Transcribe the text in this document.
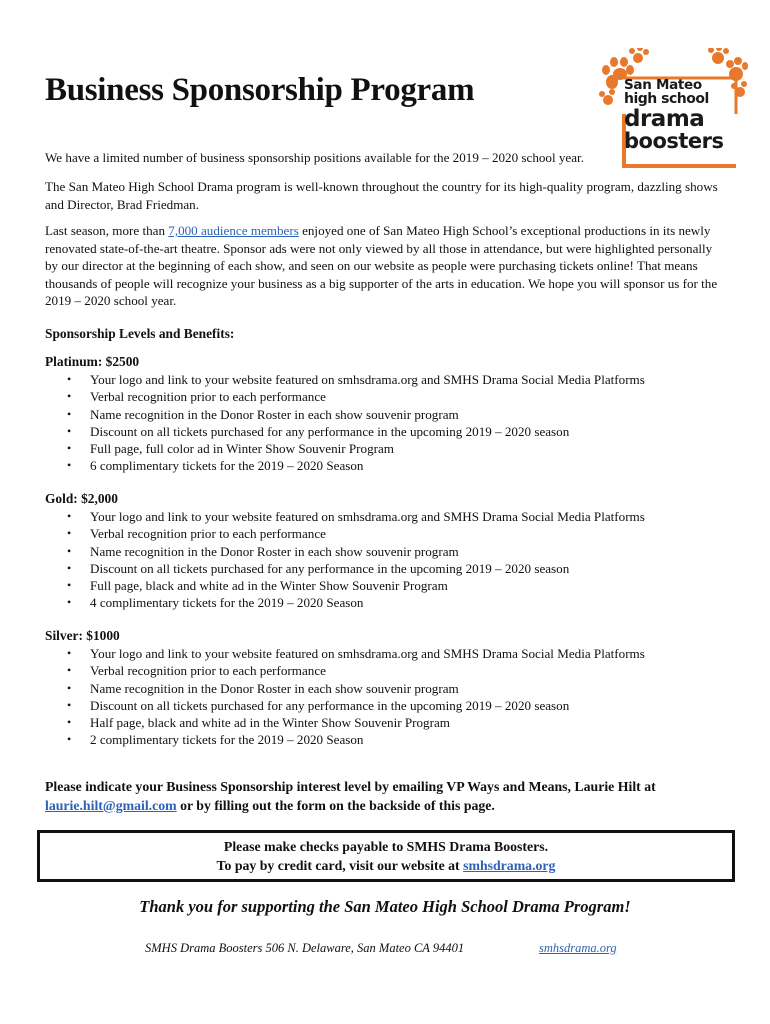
Business Sponsorship Program	San Mateo
high school
drama
boosters

We have a limited number of business sponsorship positions available for the 2019 – 2020 school year.

The San Mateo High School Drama program is well-known throughout the country for its high-quality program, dazzling shows and Director, Brad Friedman.

Last season, more than 7,000 audience members enjoyed one of San Mateo High School’s exceptional productions in its newly renovated state-of-the-art theatre. Sponsor ads were not only viewed by all those in attendance, but were highlighted personally by our director at the beginning of each show, and seen on our website as people were purchasing tickets online! That means thousands of people will recognize your business as a big supporter of the arts in education. We hope you will sponsor us for the 2019 – 2020 school year.

Sponsorship Levels and Benefits:

Platinum: $2500

• Your logo and link to your website featured on smhsdrama.org and SMHS Drama Social Media Platforms
• Verbal recognition prior to each performance
• Name recognition in the Donor Roster in each show souvenir program
• Discount on all tickets purchased for any performance in the upcoming 2019 – 2020 season
• Full page, full color ad in Winter Show Souvenir Program
• 6 complimentary tickets for the 2019 – 2020 Season

Gold: $2,000

• Your logo and link to your website featured on smhsdrama.org and SMHS Drama Social Media Platforms
• Verbal recognition prior to each performance
• Name recognition in the Donor Roster in each show souvenir program
• Discount on all tickets purchased for any performance in the upcoming 2019 – 2020 season
• Full page, black and white ad in the Winter Show Souvenir Program
• 4 complimentary tickets for the 2019 – 2020 Season

Silver: $1000

• Your logo and link to your website featured on smhsdrama.org and SMHS Drama Social Media Platforms
• Verbal recognition prior to each performance
• Name recognition in the Donor Roster in each show souvenir program
• Discount on all tickets purchased for any performance in the upcoming 2019 – 2020 season
• Half page, black and white ad in the Winter Show Souvenir Program
• 2 complimentary tickets for the 2019 – 2020 Season

Please indicate your Business Sponsorship interest level by emailing VP Ways and Means, Laurie Hilt at laurie.hilt@gmail.com or by filling out the form on the backside of this page.

Please make checks payable to SMHS Drama Boosters.
To pay by credit card, visit our website at smhsdrama.org

Thank you for supporting the San Mateo High School Drama Program!

SMHS Drama Boosters 506 N. Delaware, San Mateo CA 94401	smhsdrama.org
